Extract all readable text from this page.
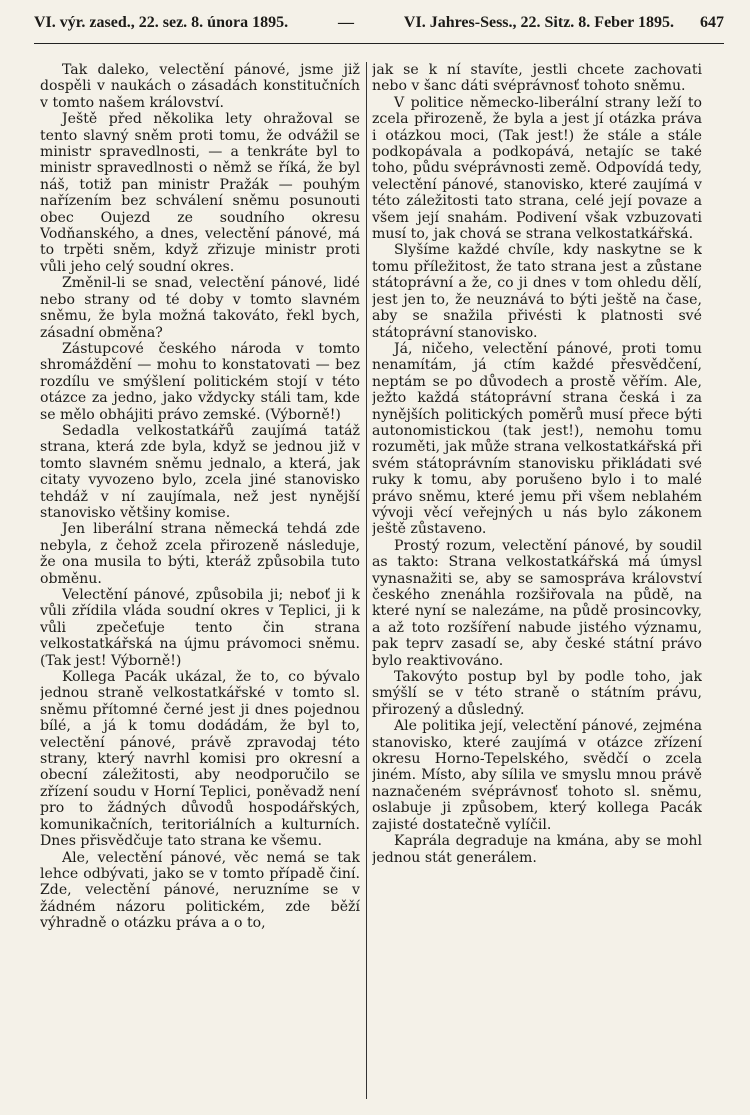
VI. výr. zased., 22. sez. 8. února 1895.	—	VI. Jahres-Sess., 22. Sitz. 8. Feber 1895. 647

Tak daleko, velectění pánové, jsme již dospěli v naukách o zásadách konstitučních v tomto našem království.

Ještě před několika lety ohražoval se tento slavný sněm proti tomu, že odvážil se ministr spravedlnosti, — a tenkráte byl to ministr spravedlnosti o němž se říká, že byl náš, totiž pan ministr Pražák — pouhým nařízením bez schválení sněmu posunouti obec Oujezd ze soudního okresu Vodňanského, a dnes, velectění pánové, má to trpěti sněm, když zřizuje ministr proti vůli jeho celý soudní okres.

Změnil-li se snad, velectění pánové, lidé nebo strany od té doby v tomto slavném sněmu, že byla možná takováto, řekl bych, zásadní obměna?

Zástupcové českého národa v tomto shromáždění — mohu to konstatovati — bez rozdílu ve smýšlení politickém stojí v této otázce za jedno, jako vždycky stáli tam, kde se mělo obhájiti právo zemské. (Výborně!)

Sedadla velkostatkářů zaujímá tatáž strana, která zde byla, když se jednou již v tomto slavném sněmu jednalo, a která, jak citaty vyvozeno bylo, zcela jiné stanovisko tehdáž v ní zaujímala, než jest nynější stanovisko většiny komise.

Jen liberální strana německá tehdá zde nebyla, z čehož zcela přirozeně následuje, že ona musila to býti, kteráž způsobila tuto obměnu.

Velectění pánové, způsobila ji; neboť ji k vůli zřídila vláda soudní okres v Teplici, ji k vůli zpečeťuje tento čin strana velkostatkářská na újmu právomoci sněmu. (Tak jest! Výborně!)

Kollega Pacák ukázal, že to, co bývalo jednou straně velkostatkářské v tomto sl. sněmu přítomné černé jest ji dnes pojednou bílé, a já k tomu dodádám, že byl to, velectění pánové, právě zpravodaj této strany, který navrhl komisi pro okresní a obecní záležitosti, aby neodporučilo se zřízení soudu v Horní Teplici, poněvadž není pro to žádných důvodů hospodářských, komunikačních, teritoriálních a kulturních. Dnes přisvědčuje tato strana ke všemu.

Ale, velectění pánové, věc nemá se tak lehce odbývati, jako se v tomto případě činí. Zde, velectění pánové, neruzníme se v žádném názoru politickém, zde běží výhradně o otázku práva a o to,

jak se k ní stavíte, jestli chcete zachovati nebo v šanc dáti svéprávnosť tohoto sněmu.

V politice německo-liberální strany leží to zcela přirozeně, že byla a jest jí otázka práva i otázkou moci, (Tak jest!) že stále a stále podkopávala a podkopává, netajíc se také toho, půdu svéprávnosti země. Odpovídá tedy, velectění pánové, stanovisko, které zaujímá v této záležitosti tato strana, celé její povaze a všem její snahám. Podivení však vzbuzovati musí to, jak chová se strana velkostatkářská.

Slyšíme každé chvíle, kdy naskytne se k tomu příležitost, že tato strana jest a zůstane státoprávní a že, co ji dnes v tom ohledu dělí, jest jen to, že neuznává to býti ještě na čase, aby se snažila přivésti k platnosti své státoprávní stanovisko.

Já, ničeho, velectění pánové, proti tomu nenamítám, já ctím každé přesvědčení, neptám se po důvodech a prostě věřím. Ale, ježto každá státoprávní strana česká i za nynějších politických poměrů musí přece býti autonomistickou (tak jest!), nemohu tomu rozuměti, jak může strana velkostatkářská při svém státoprávním stanovisku přikládati své ruky k tomu, aby porušeno bylo i to malé právo sněmu, které jemu při všem neblahém vývoji věcí veřejných u nás bylo zákonem ještě zůstaveno.

Prostý rozum, velectění pánové, by soudil as takto: Strana velkostatkářská má úmysl vynasnažiti se, aby se samosprávа království českého znenáhla rozšiřovala na půdě, na které nyní se nalezáme, na půdě prosincovky, a až toto rozšíření nabude jistého významu, pak teprv zasadí se, aby české státní právo bylo reaktivováno.

Takovýto postup byl by podle toho, jak smýšlí se v této straně o státním právu, přirozený a důsledný.

Ale politika její, velectění pánové, zejména stanovisko, které zaujímá v otázce zřízení okresu Horno-Tepelského, svědčí o zcela jiném. Místo, aby sílila ve smyslu mnou právě naznačeném svéprávnosť tohoto sl. sněmu, oslabuje ji způsobem, který kollega Pacák zajisté dostatečně vylíčil.

Kaprála degraduje na kmána, aby se mohl jednou stát generálem.
